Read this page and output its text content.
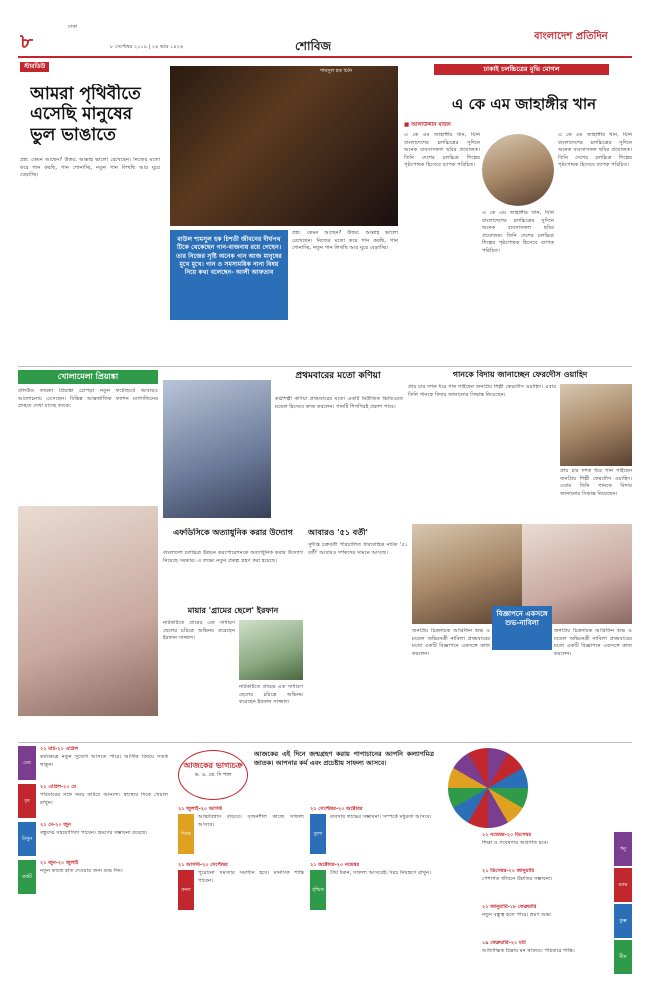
৮
ঢাকা
৮ সেপ্টেম্বর ২০১৯ | ২৪ ভাদ্র ১৪২৬	শোবিজ
বাংলাদেশ প্রতিদিন
স্টারডিউ
আমরা পৃথিবীতে এসেছি মানুষের ভুল ভাঙাতে
শামসুল হক চিনি
প্রশ্ন: কেমন আছেন? উত্তর: আল্লাহ ভালো রেখেছেন। নিজের মতো করে গান করছি, গান শোনাচ্ছি, নতুন গান লিখছি আর ঘুরে বেড়াচ্ছি।
বাউল শামসুল হক চিশতী জীবনের দীর্ঘপথ টিকে থেকেছেন গান-বাজনায় রয়ে গেছেন। তার নিজের সৃষ্টি অনেক গান আজ মানুষের মুখে মুখে। গান ও সমসাময়িক নানা বিষয় নিয়ে কথা বলেছেন- আলী আফতাব
প্রশ্ন: কেমন আছেন? উত্তর: আল্লাহ ভালো রেখেছেন। নিজের মতো করে গান করছি, গান শোনাচ্ছি, নতুন গান লিখছি আর ঘুরে বেড়াচ্ছি।
ঢাকাই চলচ্চিত্রের মুভি মোগল
এ কে এম জাহাঙ্গীর খান
■ আলাউদ্দীন মজিদ
এ কে এম জাহাঙ্গীর খান, যিনি বাংলাদেশের চলচ্চিত্রের সুদিনে অনেক ব্যবসাসফল ছবির প্রযোজক। তিনি দেশের চলচ্চিত্র শিল্পের পৃষ্ঠপোষক হিসেবে ব্যাপক পরিচিত।
এ কে এম জাহাঙ্গীর খান, যিনি বাংলাদেশের চলচ্চিত্রের সুদিনে অনেক ব্যবসাসফল ছবির প্রযোজক। তিনি দেশের চলচ্চিত্র শিল্পের পৃষ্ঠপোষক হিসেবে ব্যাপক পরিচিত।
এ কে এম জাহাঙ্গীর খান, যিনি বাংলাদেশের চলচ্চিত্রের সুদিনে অনেক ব্যবসাসফল ছবির প্রযোজক। তিনি দেশের চলচ্চিত্র শিল্পের পৃষ্ঠপোষক হিসেবে ব্যাপক পরিচিত।
খোলামেলা প্রিয়াঙ্কা
বলিউড তারকা প্রিয়াঙ্কা চোপড়া নতুন ফটোশুটে আবারও আলোচনায় এসেছেন। বিভিন্ন আন্তর্জাতিক ফ্যাশন ম্যাগাজিনের প্রচ্ছদে দেখা যাচ্ছে তাকে।
প্রথমবারের মতো কণিয়া
কণ্ঠশিল্পী কণিয়া প্রথমবারের মতো একটি মিউজিক ভিডিওতে মডেল হিসেবে কাজ করলেন। গানটি শিগগিরই প্রকাশ পাবে।
গানকে বিদায় জানাচ্ছেন ফেরদৌস ওয়াহিদ
প্রায় চার দশক ধরে গান গাইছেন জনপ্রিয় শিল্পী ফেরদৌস ওয়াহিদ। এবার তিনি গানকে বিদায় জানানোর সিদ্ধান্ত নিয়েছেন।
প্রায় চার দশক ধরে গান গাইছেন জনপ্রিয় শিল্পী ফেরদৌস ওয়াহিদ। এবার তিনি গানকে বিদায় জানানোর সিদ্ধান্ত নিয়েছেন।
এফডিসিকে অত্যাধুনিক করার উদ্যোগ
বাংলাদেশ চলচ্চিত্র উন্নয়ন করপোরেশনকে অত্যাধুনিক করার উদ্যোগ নিয়েছে সরকার। এ লক্ষ্যে নতুন প্রকল্প গ্রহণ করা হয়েছে।
আবারও '৫১ বর্তী'
সুদীপ্ত চক্রবর্তী পরিচালিত ধারাবাহিক নাটক '৫১ বর্তী' আবারও দর্শকদের সামনে আসছে।
মায়ার 'গ্রামের ছেলে' ইরফান
নাটকটিতে গ্রামের এক সাধারণ ছেলের চরিত্রে অভিনয় করেছেন ইরফান সাজ্জাদ।
নাটকটিতে গ্রামের এক সাধারণ ছেলের চরিত্রে অভিনয় করেছেন ইরফান সাজ্জাদ।
বিজ্ঞাপনে একসঙ্গে শুভ-নাবিলা
জনপ্রিয় চিত্রনায়ক আরিফিন শুভ ও মডেল অভিনেত্রী নাবিলা প্রথমবারের মতো একটি বিজ্ঞাপনে একসঙ্গে কাজ করলেন।
জনপ্রিয় চিত্রনায়ক আরিফিন শুভ ও মডেল অভিনেত্রী নাবিলা প্রথমবারের মতো একটি বিজ্ঞাপনে একসঙ্গে কাজ করলেন।
আজকের ভাগ্যচক্র
ড. এ. কে. দি পাল
আজকের এই দিনে জন্মগ্রহণ করায় পাপাচানের আপনি কল্যাণমিত্র জাতক। আপনার কর্ম এবং প্রচেষ্টায় সাফল্য আসবে।
মেষ
২১ মার্চ-২০ এপ্রিল
কর্মক্ষেত্রে নতুন সুযোগ আসতে পারে। আর্থিক বিষয়ে সতর্ক থাকুন।
বৃষ
২১ এপ্রিল-২০ মে
পরিবারের সঙ্গে সময় কাটবে আনন্দে। স্বাস্থ্যের দিকে খেয়াল রাখুন।
মিথুন
২১ মে-২০ জুন
বন্ধুদের সহযোগিতা পাবেন। ভ্রমণের সম্ভাবনা রয়েছে।
কর্কট
২১ জুন-২০ জুলাই
নতুন কাজে হাত দেওয়ার জন্য শুভ দিন।
২১ জুলাই-২০ আগস্ট
সিংহ
আত্মবিশ্বাস বাড়বে। সৃজনশীল কাজে সাফল্য আসবে।
২১ সেপ্টেম্বর-২০ অক্টোবর
তুলা
ব্যবসায় লাভের সম্ভাবনা। সম্পর্কে মধুরতা আসবে।
২১ আগস্ট-২০ সেপ্টেম্বর
কন্যা
পুরোনো সমস্যার সমাধান হবে। মানসিক শান্তি পাবেন।
২১ অক্টোবর-২০ নভেম্বর
বৃশ্চিক
ধৈর্য ধরুন, সাফল্য আসবেই। খরচ নিয়ন্ত্রণে রাখুন।
ধনু
২১ নভেম্বর-২০ ডিসেম্বর
শিক্ষা ও গবেষণায় অগ্রগতি হবে।
মকর
২১ ডিসেম্বর-২০ জানুয়ারি
পেশাগত জীবনে উন্নতির সম্ভাবনা।
কুম্ভ
২১ জানুয়ারি-১৮ ফেব্রুয়ারি
নতুন বন্ধুত্ব হতে পারে। ভ্রমণ শুভ।
মীন
১৯ ফেব্রুয়ারি-২০ মার্চ
আধ্যাত্মিক চিন্তায় মন থাকবে। পরিবারে শান্তি।
